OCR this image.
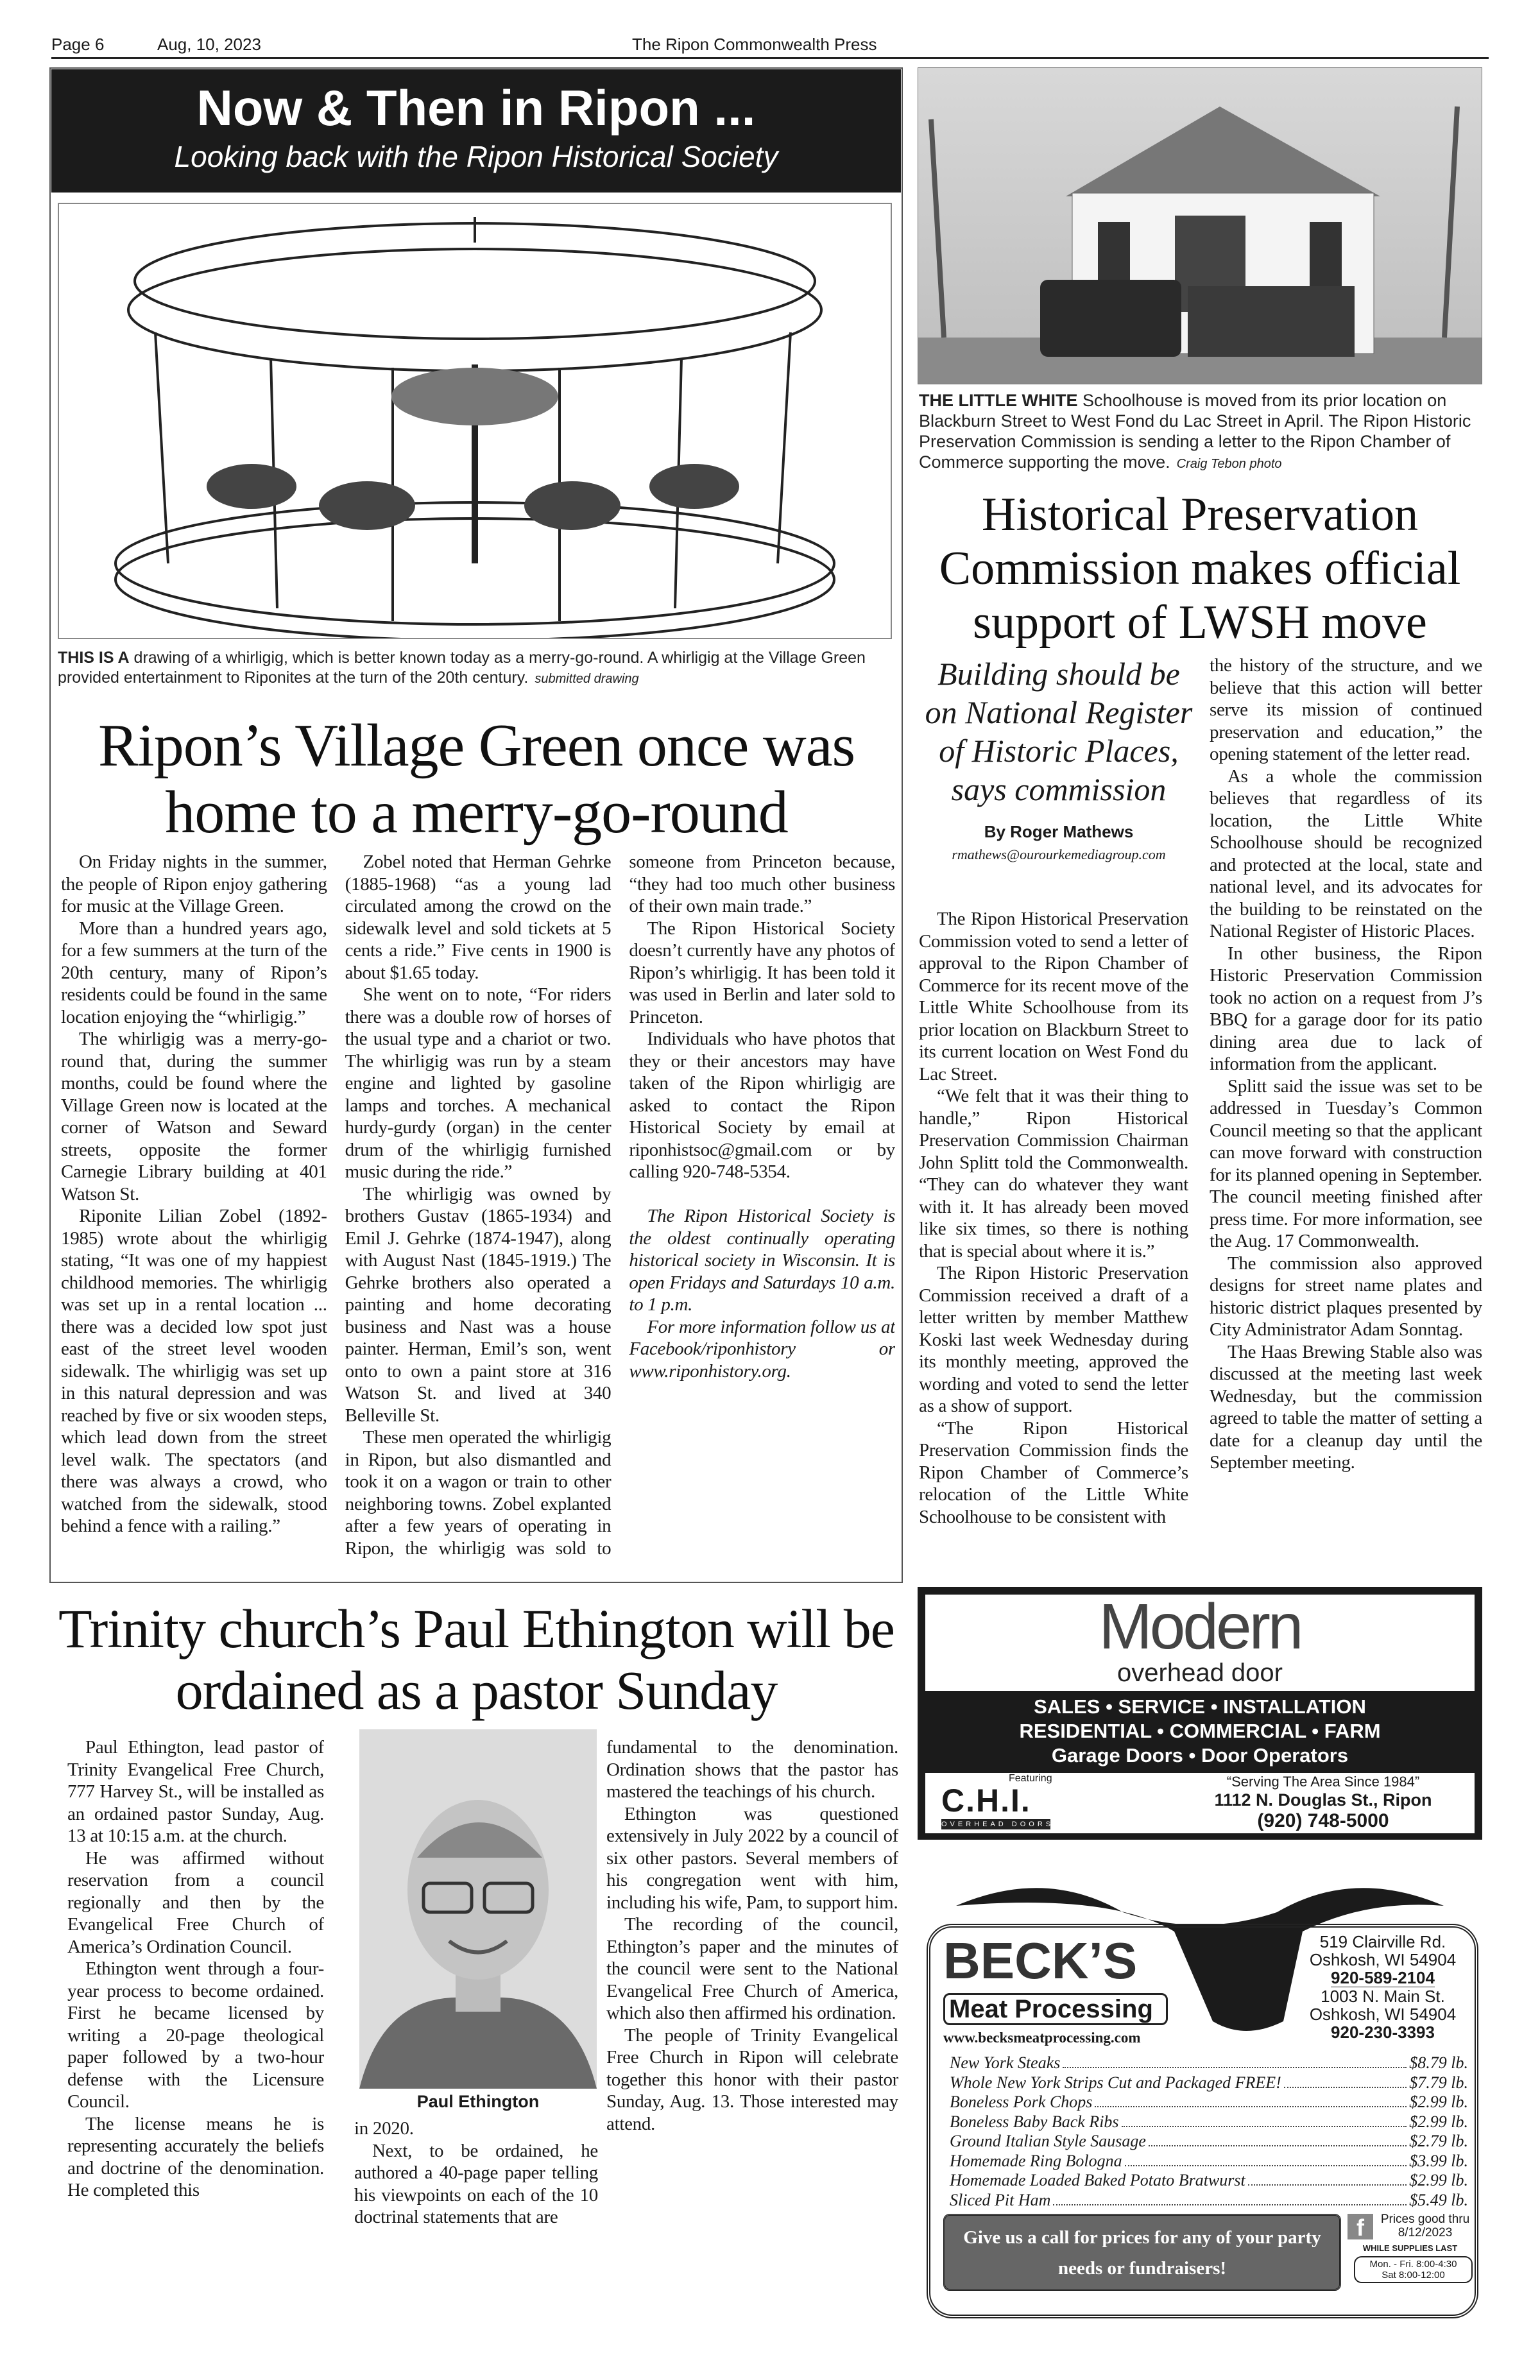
Page 6	Aug, 10, 2023	The Ripon Commonwealth Press
Now & Then in Ripon ...
Looking back with the Ripon Historical Society
THIS IS A drawing of a whirligig, which is better known today as a merry-go-round. A whirligig at the Village Green provided entertainment to Riponites at the turn of the 20th century. submitted drawing
Ripon’s Village Green once was home to a merry-go-round

On Friday nights in the summer, the people of Ripon enjoy gathering for music at the Village Green.

More than a hundred years ago, for a few summers at the turn of the 20th century, many of Ripon’s residents could be found in the same location enjoying the “whirligig.”

The whirligig was a merry-go-round that, during the summer months, could be found where the Village Green now is located at the corner of Watson and Seward streets, opposite the former Carnegie Library building at 401 Watson St.

Riponite Lilian Zobel (1892-1985) wrote about the whirligig stating, “It was one of my happiest childhood memories. The whirligig was set up in a rental location ... there was a decided low spot just east of the street level wooden sidewalk. The whirligig was set up in this natural depression and was reached by five or six wooden steps, which lead down from the street level walk. The spectators (and there was always a crowd, who watched from the sidewalk, stood behind a fence with a railing.”

Zobel noted that Herman Gehrke (1885-1968) “as a young lad circulated among the crowd on the sidewalk level and sold tickets at 5 cents a ride.” Five cents in 1900 is about $1.65 today.

She went on to note, “For riders there was a double row of horses of the usual type and a chariot or two. The whirligig was run by a steam engine and lighted by gasoline lamps and torches. A mechanical hurdy-gurdy (organ) in the center drum of the whirligig furnished music during the ride.”

The whirligig was owned by brothers Gustav (1865-1934) and Emil J. Gehrke (1874-1947), along with August Nast (1845-1919.) The Gehrke brothers also operated a painting and home decorating business and Nast was a house painter. Herman, Emil’s son, went onto to own a paint store at 316 Watson St. and lived at 340 Belleville St.

These men operated the whirligig in Ripon, but also dismantled and took it on a wagon or train to other neighboring towns. Zobel explanted after a few years of operating in Ripon, the whirligig was sold to someone from Princeton because, “they had too much other business of their own main trade.”

The Ripon Historical Society doesn’t currently have any photos of Ripon’s whirligig. It has been told it was used in Berlin and later sold to Princeton.

Individuals who have photos that they or their ancestors may have taken of the Ripon whirligig are asked to contact the Ripon Historical Society by email at riponhistsoc@gmail.com or by calling 920-748-5354.

The Ripon Historical Society is the oldest continually operating historical society in Wisconsin. It is open Fridays and Saturdays 10 a.m. to 1 p.m.

For more information follow us at Facebook/riponhistory or www.riponhistory.org.

THE LITTLE WHITE Schoolhouse is moved from its prior location on Blackburn Street to West Fond du Lac Street in April. The Ripon Historic Preservation Commission is sending a letter to the Ripon Chamber of Commerce supporting the move. Craig Tebon photo
Historical Preservation Commission makes official support of LWSH move
Building should be on National Register of Historic Places, says commission
By Roger Mathews
rmathews@ourourkemediagroup.com

The Ripon Historical Preservation Commission voted to send a letter of approval to the Ripon Chamber of Commerce for its recent move of the Little White Schoolhouse from its prior location on Blackburn Street to its current location on West Fond du Lac Street.

“We felt that it was their thing to handle,” Ripon Historical Preservation Commission Chairman John Splitt told the Commonwealth. “They can do whatever they want with it. It has already been moved like six times, so there is nothing that is special about where it is.”

The Ripon Historic Preservation Commission received a draft of a letter written by member Matthew Koski last week Wednesday during its monthly meeting, approved the wording and voted to send the letter as a show of support.

“The Ripon Historical Preservation Commission finds the Ripon Chamber of Commerce’s relocation of the Little White Schoolhouse to be consistent with

the history of the structure, and we believe that this action will better serve its mission of continued preservation and education,” the opening statement of the letter read.

As a whole the commission believes that regardless of its location, the Little White Schoolhouse should be recognized and protected at the local, state and national level, and its advocates for the building to be reinstated on the National Register of Historic Places.

In other business, the Ripon Historic Preservation Commission took no action on a request from J’s BBQ for a garage door for its patio dining area due to lack of information from the applicant.

Splitt said the issue was set to be addressed in Tuesday’s Common Council meeting so that the applicant can move forward with construction for its planned opening in September. The council meeting finished after press time. For more information, see the Aug. 17 Commonwealth.

The commission also approved designs for street name plates and historic district plaques presented by City Administrator Adam Sonntag.

The Haas Brewing Stable also was discussed at the meeting last week Wednesday, but the commission agreed to table the matter of setting a date for a cleanup day until the September meeting.

Trinity church’s Paul Ethington will be ordained as a pastor Sunday

Paul Ethington, lead pastor of Trinity Evangelical Free Church, 777 Harvey St., will be installed as an ordained pastor Sunday, Aug. 13 at 10:15 a.m. at the church.

He was affirmed without reservation from a council regionally and then by the Evangelical Free Church of America’s Ordination Council.

Ethington went through a four-year process to become ordained. First he became licensed by writing a 20-page theological paper followed by a two-hour defense with the Licensure Council.

The license means he is representing accurately the beliefs and doctrine of the denomination. He completed this

Paul Ethington

in 2020.

Next, to be ordained, he authored a 40-page paper telling his viewpoints on each of the 10 doctrinal statements that are

fundamental to the denomination. Ordination shows that the pastor has mastered the teachings of his church.

Ethington was questioned extensively in July 2022 by a council of six other pastors. Several members of his congregation went with him, including his wife, Pam, to support him.

The recording of the council, Ethington’s paper and the minutes of the council were sent to the National Evangelical Free Church of America, which also then affirmed his ordination.

The people of Trinity Evangelical Free Church in Ripon will celebrate together this honor with their pastor Sunday, Aug. 13. Those interested may attend.

Modern
overhead door
SALES • SERVICE • INSTALLATION
RESIDENTIAL • COMMERCIAL • FARM
Garage Doors • Door Operators
Featuring
C.H.I.
OVERHEAD DOORS
“Serving The Area Since 1984”
1112 N. Douglas St., Ripon
(920) 748-5000
BECK’S
Meat Processing
www.becksmeatprocessing.com
519 Clairville Rd.
Oshkosh, WI 54904
920-589-2104
1003 N. Main St.
Oshkosh, WI 54904
920-230-3393
New York Steaks	$8.79 lb.
Whole New York Strips Cut and Packaged FREE!	$7.79 lb.
Boneless Pork Chops	$2.99 lb.
Boneless Baby Back Ribs	$2.99 lb.
Ground Italian Style Sausage	$2.79 lb.
Homemade Ring Bologna	$3.99 lb.
Homemade Loaded Baked Potato Bratwurst	$2.99 lb.
Sliced Pit Ham	$5.49 lb.
Give us a call for prices for any of your party needs or fundraisers!
f	Prices good thru 8/12/2023
WHILE SUPPLIES LAST
Mon. - Fri. 8:00-4:30
Sat 8:00-12:00
